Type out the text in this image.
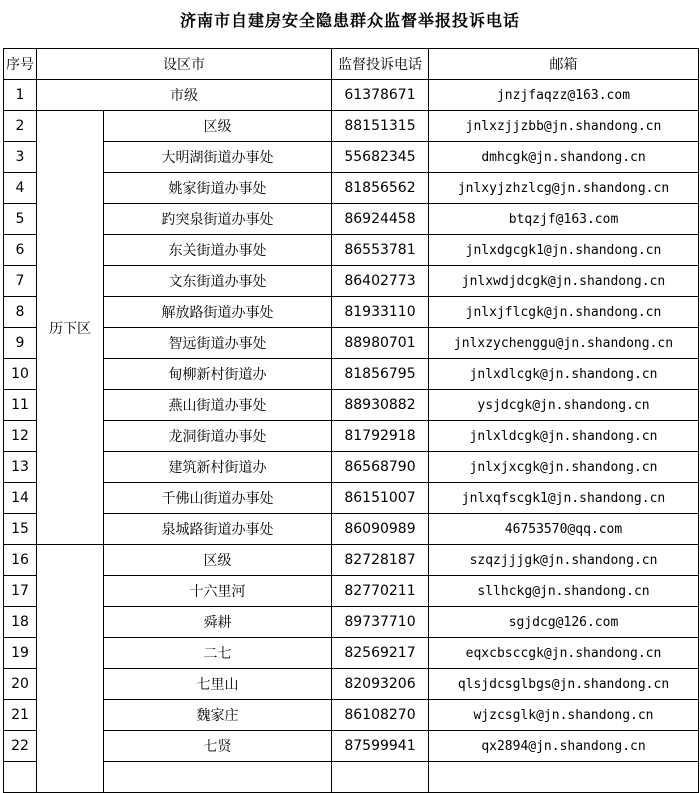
济南市自建房安全隐患群众监督举报投诉电话
序号	设区市		监督投诉电话	邮箱
1	市级		61378671	jnzjfaqzz@163.com
2	历下区	区级	88151315	jnlxzjjzbb@jn.shandong.cn
3		大明湖街道办事处	55682345	dmhcgk@jn.shandong.cn
4		姚家街道办事处	81856562	jnlxyjzhzlcg@jn.shandong.cn
5		趵突泉街道办事处	86924458	btqzjf@163.com
6		东关街道办事处	86553781	jnlxdgcgk1@jn.shandong.cn
7		文东街道办事处	86402773	jnlxwdjdcgk@jn.shandong.cn
8		解放路街道办事处	81933110	jnlxjflcgk@jn.shandong.cn
9		智远街道办事处	88980701	jnlxzychenggu@jn.shandong.cn
10		甸柳新村街道办	81856795	jnlxdlcgk@jn.shandong.cn
11		燕山街道办事处	88930882	ysjdcgk@jn.shandong.cn
12		龙洞街道办事处	81792918	jnlxldcgk@jn.shandong.cn
13		建筑新村街道办	86568790	jnlxjxcgk@jn.shandong.cn
14		千佛山街道办事处	86151007	jnlxqfscgk1@jn.shandong.cn
15		泉城路街道办事处	86090989	46753570@qq.com
16		区级	82728187	szqzjjjgk@jn.shandong.cn
17		十六里河	82770211	sllhckg@jn.shandong.cn
18		舜耕	89737710	sgjdcg@126.com
19		二七	82569217	eqxcbsccgk@jn.shandong.cn
20		七里山	82093206	qlsjdcsglbgs@jn.shandong.cn
21		魏家庄	86108270	wjzcsglk@jn.shandong.cn
22		七贤	87599941	qx2894@jn.shandong.cn
